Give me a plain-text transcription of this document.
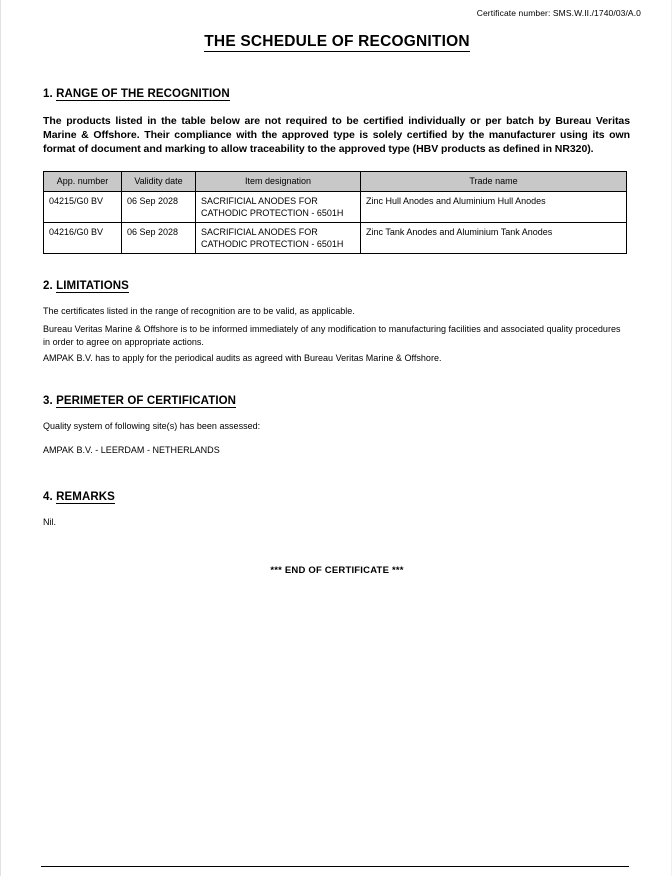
Certificate number: SMS.W.II./1740/03/A.0
THE SCHEDULE OF RECOGNITION
1. RANGE OF THE RECOGNITION
The products listed in the table below are not required to be certified individually or per batch by Bureau Veritas Marine & Offshore. Their compliance with the approved type is solely certified by the manufacturer using its own format of document and marking to allow traceability to the approved type (HBV products as defined in NR320).
App. number	Validity date	Item designation	Trade name
04215/G0 BV	06 Sep 2028	SACRIFICIAL ANODES FOR CATHODIC PROTECTION - 6501H	Zinc Hull Anodes and Aluminium Hull Anodes
04216/G0 BV	06 Sep 2028	SACRIFICIAL ANODES FOR CATHODIC PROTECTION - 6501H	Zinc Tank Anodes and Aluminium Tank Anodes
2. LIMITATIONS
The certificates listed in the range of recognition are to be valid, as applicable.
Bureau Veritas Marine & Offshore is to be informed immediately of any modification to manufacturing facilities and associated quality procedures in order to agree on appropriate actions.
AMPAK B.V. has to apply for the periodical audits as agreed with Bureau Veritas Marine & Offshore.
3. PERIMETER OF CERTIFICATION
Quality system of following site(s) has been assessed:
AMPAK B.V. - LEERDAM - NETHERLANDS
4. REMARKS
Nil.
*** END OF CERTIFICATE ***
